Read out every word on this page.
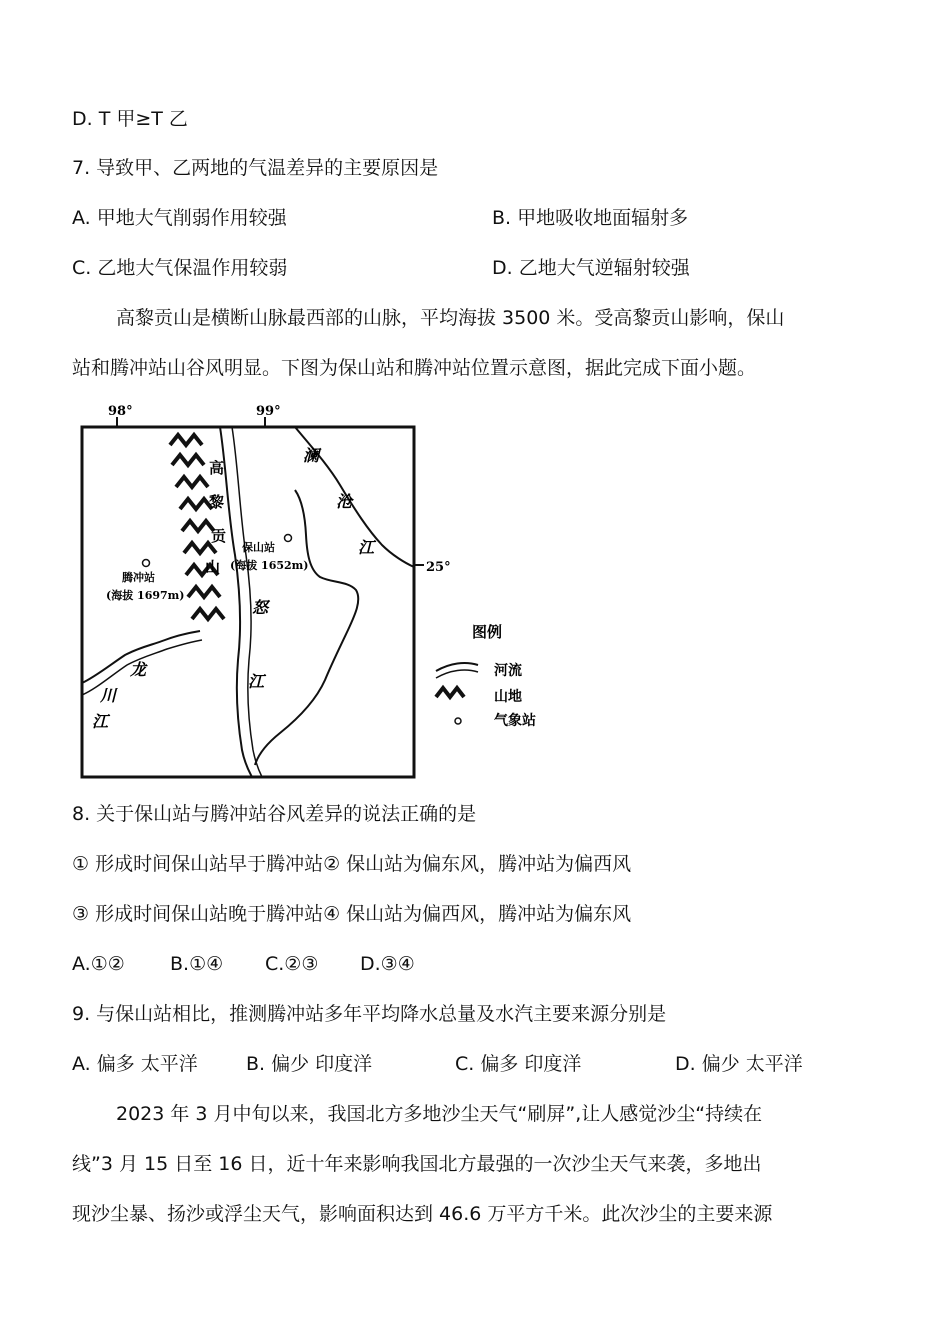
D. T 甲≥T 乙
7. 导致甲、乙两地的气温差异的主要原因是
A. 甲地大气削弱作用较强	B. 甲地吸收地面辐射多
C. 乙地大气保温作用较弱	D. 乙地大气逆辐射较强
高黎贡山是横断山脉最西部的山脉，平均海拔 3500 米。受高黎贡山影响，保山
站和腾冲站山谷风明显。下图为保山站和腾冲站位置示意图，据此完成下面小题。
98°	99°
25°
高
黎
贡
山
澜
沧
江
怒
江
龙
川
江
腾冲站
(海拔 1697m)
保山站
(海拔 1652m)
图例
河流
山地
气象站
8. 关于保山站与腾冲站谷风差异的说法正确的是
① 形成时间保山站早于腾冲站② 保山站为偏东风，腾冲站为偏西风
③ 形成时间保山站晚于腾冲站④ 保山站为偏西风，腾冲站为偏东风
A.①② B.①④ C.②③ D.③④
9. 与保山站相比，推测腾冲站多年平均降水总量及水汽主要来源分别是
A. 偏多 太平洋	B. 偏少 印度洋	C. 偏多 印度洋	D. 偏少 太平洋
2023 年 3 月中旬以来，我国北方多地沙尘天气“刷屏”,让人感觉沙尘“持续在
线”3 月 15 日至 16 日，近十年来影响我国北方最强的一次沙尘天气来袭，多地出
现沙尘暴、扬沙或浮尘天气，影响面积达到 46.6 万平方千米。此次沙尘的主要来源
